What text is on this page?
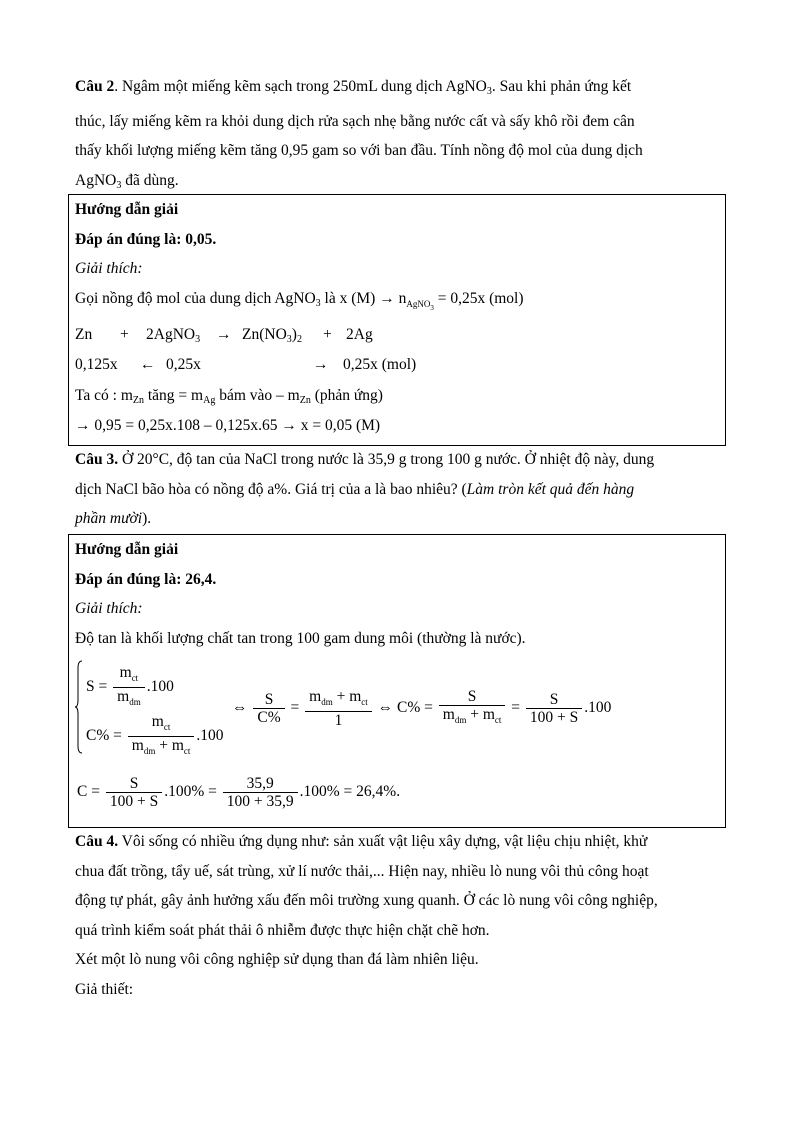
Câu 2. Ngâm một miếng kẽm sạch trong 250mL dung dịch AgNO$_3$. Sau khi phản ứng kết
thúc, lấy miếng kẽm ra khỏi dung dịch rửa sạch nhẹ bằng nước cất và sấy khô rồi đem cân
thấy khối lượng miếng kẽm tăng 0,95 gam so với ban đầu. Tính nồng độ mol của dung dịch
AgNO$_3$ đã dùng.
Hướng dẫn giải
Đáp án đúng là: 0,05.
Giải thích:
Gọi nồng độ mol của dung dịch AgNO$_3$ là x $(M) \to n_{AgNO_3} = 0,25x$ (mol)
Zn + 2AgNO$_3$ → $Zn(NO_3)_2 + 2Ag$
0,125x ← 0,25x	→ 0,25x (mol)
Ta có : $m_{Zn}$ tăng = $m_{Ag}$ bám vào – $m_{Zn}$ (phản ứng)
→ 0,95 = 0,25x.108 – 0,125x.65 → x = 0,05 (M)
Câu 3. Ở 20°C, độ tan của NaCl trong nước là 35,9 g trong 100 g nước. Ở nhiệt độ này, dung
dịch NaCl bão hòa có nồng độ a%. Giá trị của a là bao nhiêu? (Làm tròn kết quả đến hàng
phần mười).
Hướng dẫn giải
Đáp án đúng là: 26,4.
Giải thích:
Độ tan là khối lượng chất tan trong 100 gam dung môi (thường là nước).
$S = \frac{m_{ct}}{m_{dm}} .100$
$C\% = \frac{m_{ct}}{m_{dm} + m_{ct}} .100$
⇔ $\frac{S}{C\%} = \frac{m_{dm} + m_{ct}}{1}$ ⇔ $C\% = \frac{S}{m_{dm} + m_{ct}} = \frac{S}{100 + S} .100$
$C = \frac{S}{100 + S} .100\% = \frac{35,9}{100 + 35,9} .100\% = 26,4\%$.
Câu 4. Vôi sống có nhiều ứng dụng như: sản xuất vật liệu xây dựng, vật liệu chịu nhiệt, khử
chua đất trồng, tẩy uế, sát trùng, xử lí nước thải,... Hiện nay, nhiều lò nung vôi thủ công hoạt
động tự phát, gây ảnh hưởng xấu đến môi trường xung quanh. Ở các lò nung vôi công nghiệp,
quá trình kiểm soát phát thải ô nhiễm được thực hiện chặt chẽ hơn.
Xét một lò nung vôi công nghiệp sử dụng than đá làm nhiên liệu.
Giả thiết:
